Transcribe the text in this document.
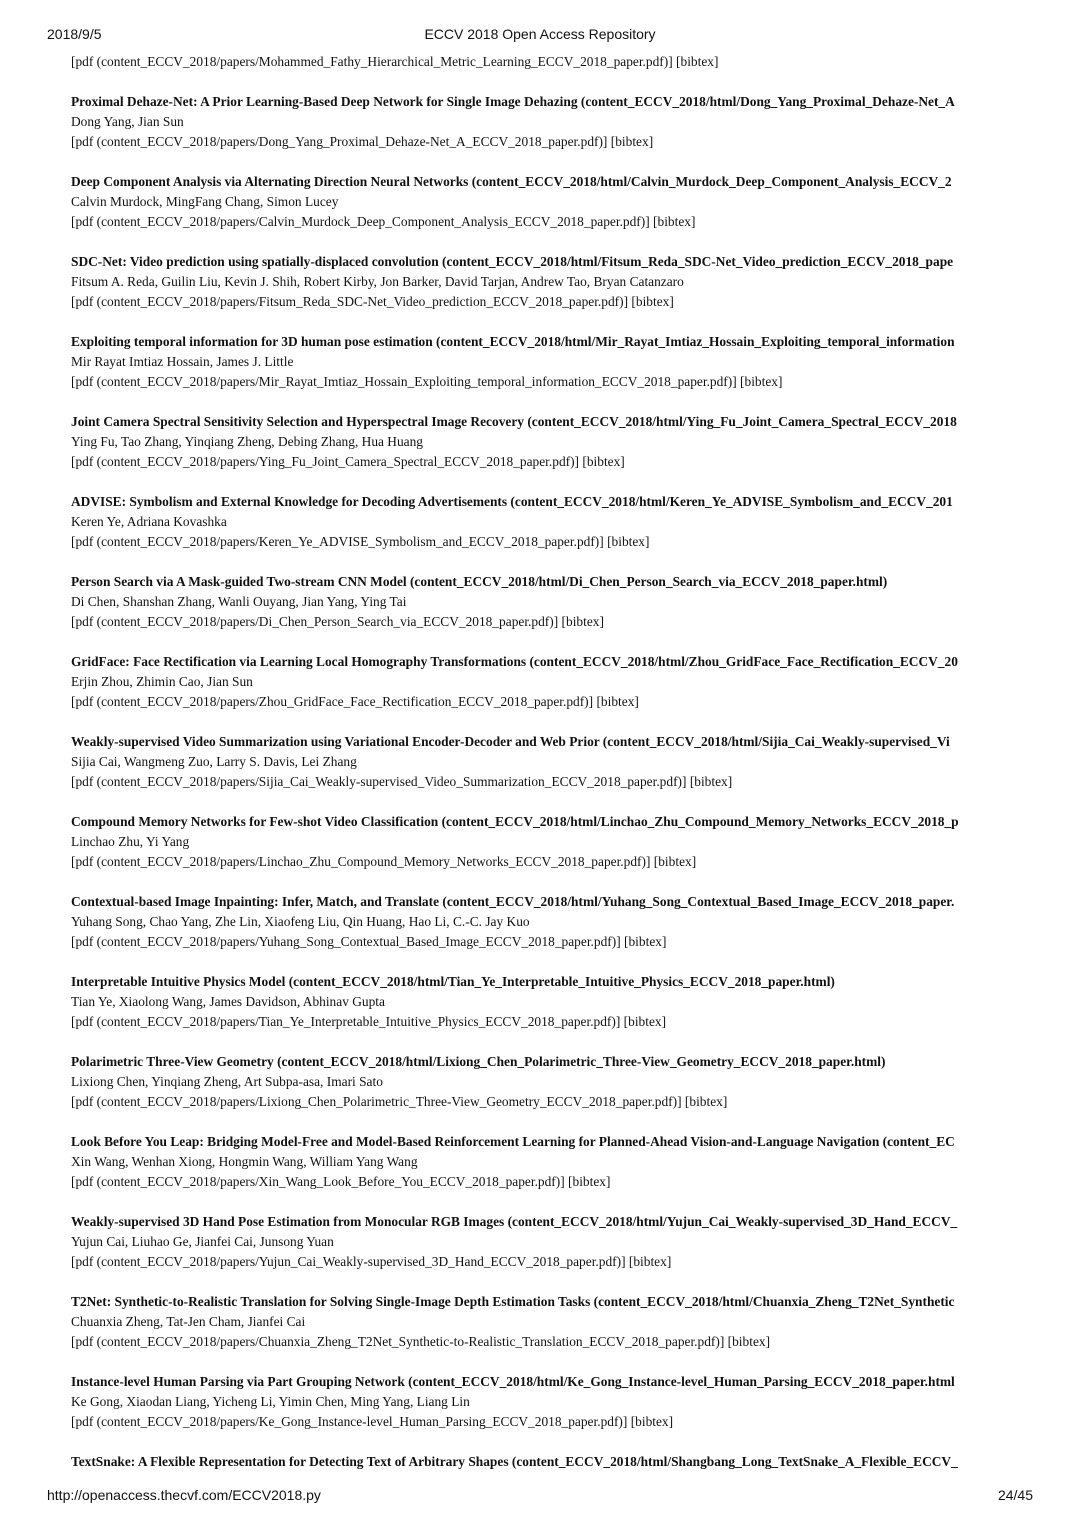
2018/9/5	ECCV 2018 Open Access Repository
[pdf (content_ECCV_2018/papers/Mohammed_Fathy_Hierarchical_Metric_Learning_ECCV_2018_paper.pdf)] [bibtex]
Proximal Dehaze-Net: A Prior Learning-Based Deep Network for Single Image Dehazing (content_ECCV_2018/html/Dong_Yang_Proximal_Dehaze-Net_A
Dong Yang, Jian Sun
[pdf (content_ECCV_2018/papers/Dong_Yang_Proximal_Dehaze-Net_A_ECCV_2018_paper.pdf)] [bibtex]
Deep Component Analysis via Alternating Direction Neural Networks (content_ECCV_2018/html/Calvin_Murdock_Deep_Component_Analysis_ECCV_2
Calvin Murdock, MingFang Chang, Simon Lucey
[pdf (content_ECCV_2018/papers/Calvin_Murdock_Deep_Component_Analysis_ECCV_2018_paper.pdf)] [bibtex]
SDC-Net: Video prediction using spatially-displaced convolution (content_ECCV_2018/html/Fitsum_Reda_SDC-Net_Video_prediction_ECCV_2018_pape
Fitsum A. Reda, Guilin Liu, Kevin J. Shih, Robert Kirby, Jon Barker, David Tarjan, Andrew Tao, Bryan Catanzaro
[pdf (content_ECCV_2018/papers/Fitsum_Reda_SDC-Net_Video_prediction_ECCV_2018_paper.pdf)] [bibtex]
Exploiting temporal information for 3D human pose estimation (content_ECCV_2018/html/Mir_Rayat_Imtiaz_Hossain_Exploiting_temporal_information
Mir Rayat Imtiaz Hossain, James J. Little
[pdf (content_ECCV_2018/papers/Mir_Rayat_Imtiaz_Hossain_Exploiting_temporal_information_ECCV_2018_paper.pdf)] [bibtex]
Joint Camera Spectral Sensitivity Selection and Hyperspectral Image Recovery (content_ECCV_2018/html/Ying_Fu_Joint_Camera_Spectral_ECCV_2018
Ying Fu, Tao Zhang, Yinqiang Zheng, Debing Zhang, Hua Huang
[pdf (content_ECCV_2018/papers/Ying_Fu_Joint_Camera_Spectral_ECCV_2018_paper.pdf)] [bibtex]
ADVISE: Symbolism and External Knowledge for Decoding Advertisements (content_ECCV_2018/html/Keren_Ye_ADVISE_Symbolism_and_ECCV_201
Keren Ye, Adriana Kovashka
[pdf (content_ECCV_2018/papers/Keren_Ye_ADVISE_Symbolism_and_ECCV_2018_paper.pdf)] [bibtex]
Person Search via A Mask-guided Two-stream CNN Model (content_ECCV_2018/html/Di_Chen_Person_Search_via_ECCV_2018_paper.html)
Di Chen, Shanshan Zhang, Wanli Ouyang, Jian Yang, Ying Tai
[pdf (content_ECCV_2018/papers/Di_Chen_Person_Search_via_ECCV_2018_paper.pdf)] [bibtex]
GridFace: Face Rectification via Learning Local Homography Transformations (content_ECCV_2018/html/Zhou_GridFace_Face_Rectification_ECCV_20
Erjin Zhou, Zhimin Cao, Jian Sun
[pdf (content_ECCV_2018/papers/Zhou_GridFace_Face_Rectification_ECCV_2018_paper.pdf)] [bibtex]
Weakly-supervised Video Summarization using Variational Encoder-Decoder and Web Prior (content_ECCV_2018/html/Sijia_Cai_Weakly-supervised_Vi
Sijia Cai, Wangmeng Zuo, Larry S. Davis, Lei Zhang
[pdf (content_ECCV_2018/papers/Sijia_Cai_Weakly-supervised_Video_Summarization_ECCV_2018_paper.pdf)] [bibtex]
Compound Memory Networks for Few-shot Video Classification (content_ECCV_2018/html/Linchao_Zhu_Compound_Memory_Networks_ECCV_2018_p
Linchao Zhu, Yi Yang
[pdf (content_ECCV_2018/papers/Linchao_Zhu_Compound_Memory_Networks_ECCV_2018_paper.pdf)] [bibtex]
Contextual-based Image Inpainting: Infer, Match, and Translate (content_ECCV_2018/html/Yuhang_Song_Contextual_Based_Image_ECCV_2018_paper.
Yuhang Song, Chao Yang, Zhe Lin, Xiaofeng Liu, Qin Huang, Hao Li, C.-C. Jay Kuo
[pdf (content_ECCV_2018/papers/Yuhang_Song_Contextual_Based_Image_ECCV_2018_paper.pdf)] [bibtex]
Interpretable Intuitive Physics Model (content_ECCV_2018/html/Tian_Ye_Interpretable_Intuitive_Physics_ECCV_2018_paper.html)
Tian Ye, Xiaolong Wang, James Davidson, Abhinav Gupta
[pdf (content_ECCV_2018/papers/Tian_Ye_Interpretable_Intuitive_Physics_ECCV_2018_paper.pdf)] [bibtex]
Polarimetric Three-View Geometry (content_ECCV_2018/html/Lixiong_Chen_Polarimetric_Three-View_Geometry_ECCV_2018_paper.html)
Lixiong Chen, Yinqiang Zheng, Art Subpa-asa, Imari Sato
[pdf (content_ECCV_2018/papers/Lixiong_Chen_Polarimetric_Three-View_Geometry_ECCV_2018_paper.pdf)] [bibtex]
Look Before You Leap: Bridging Model-Free and Model-Based Reinforcement Learning for Planned-Ahead Vision-and-Language Navigation (content_EC
Xin Wang, Wenhan Xiong, Hongmin Wang, William Yang Wang
[pdf (content_ECCV_2018/papers/Xin_Wang_Look_Before_You_ECCV_2018_paper.pdf)] [bibtex]
Weakly-supervised 3D Hand Pose Estimation from Monocular RGB Images (content_ECCV_2018/html/Yujun_Cai_Weakly-supervised_3D_Hand_ECCV_
Yujun Cai, Liuhao Ge, Jianfei Cai, Junsong Yuan
[pdf (content_ECCV_2018/papers/Yujun_Cai_Weakly-supervised_3D_Hand_ECCV_2018_paper.pdf)] [bibtex]
T2Net: Synthetic-to-Realistic Translation for Solving Single-Image Depth Estimation Tasks (content_ECCV_2018/html/Chuanxia_Zheng_T2Net_Synthetic
Chuanxia Zheng, Tat-Jen Cham, Jianfei Cai
[pdf (content_ECCV_2018/papers/Chuanxia_Zheng_T2Net_Synthetic-to-Realistic_Translation_ECCV_2018_paper.pdf)] [bibtex]
Instance-level Human Parsing via Part Grouping Network (content_ECCV_2018/html/Ke_Gong_Instance-level_Human_Parsing_ECCV_2018_paper.html
Ke Gong, Xiaodan Liang, Yicheng Li, Yimin Chen, Ming Yang, Liang Lin
[pdf (content_ECCV_2018/papers/Ke_Gong_Instance-level_Human_Parsing_ECCV_2018_paper.pdf)] [bibtex]
TextSnake: A Flexible Representation for Detecting Text of Arbitrary Shapes (content_ECCV_2018/html/Shangbang_Long_TextSnake_A_Flexible_ECCV_
http://openaccess.thecvf.com/ECCV2018.py	24/45
